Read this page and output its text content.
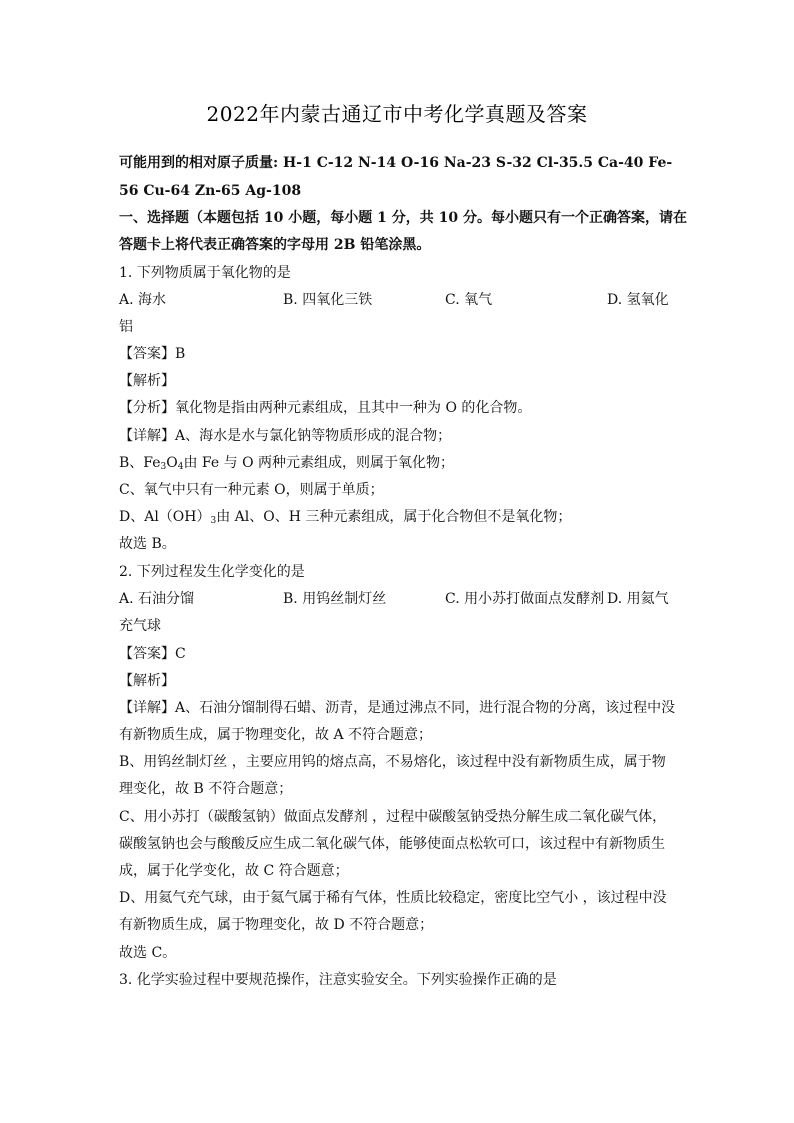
2022年内蒙古通辽市中考化学真题及答案
可能用到的相对原子质量: H-1 C-12 N-14 O-16 Na-23 S-32 Cl-35.5 Ca-40 Fe-
56 Cu-64 Zn-65 Ag-108
一、选择题（本题包括 10 小题，每小题 1 分，共 10 分。每小题只有一个正确答案，请在
答题卡上将代表正确答案的字母用 2B 铅笔涂黑。
1. 下列物质属于氧化物的是
A. 海水	B. 四氧化三铁	C. 氧气	D. 氢氧化
铝
【答案】B
【解析】
【分析】氧化物是指由两种元素组成，且其中一种为 O 的化合物。
【详解】A、海水是水与氯化钠等物质形成的混合物；
B、$Fe_3O_4$由 Fe 与 O 两种元素组成，则属于氧化物；
C、氧气中只有一种元素 O，则属于单质；
D、$Al(OH)_3$由 Al、O、H 三种元素组成，属于化合物但不是氧化物；
故选 B。
2. 下列过程发生化学变化的是
A. 石油分馏	B. 用钨丝制灯丝	C. 用小苏打做面点发酵剂 D. 用氦气
充气球
【答案】C
【解析】
【详解】A、石油分馏制得石蜡、沥青，是通过沸点不同，进行混合物的分离，该过程中没
有新物质生成，属于物理变化，故 A 不符合题意；
B、用钨丝制灯丝 ，主要应用钨的熔点高，不易熔化，该过程中没有新物质生成，属于物
理变化，故 B 不符合题意；
C、用小苏打（碳酸氢钠）做面点发酵剂 ，过程中碳酸氢钠受热分解生成二氧化碳气体，
碳酸氢钠也会与酸酸反应生成二氧化碳气体，能够使面点松软可口，该过程中有新物质生
成，属于化学变化，故 C 符合题意；
D、用氦气充气球，由于氦气属于稀有气体，性质比较稳定，密度比空气小 ，该过程中没
有新物质生成，属于物理变化，故 D 不符合题意；
故选 C。
3. 化学实验过程中要规范操作，注意实验安全。下列实验操作正确的是
